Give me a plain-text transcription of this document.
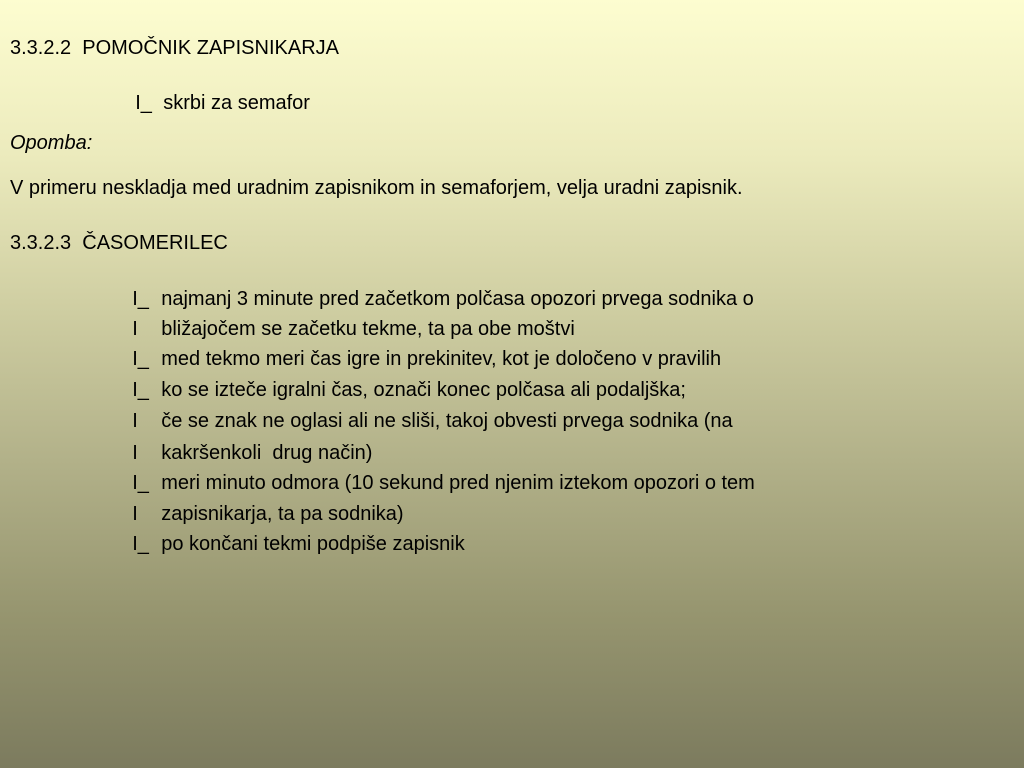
3.3.2.2  POMOČNIK ZAPISNIKARJA

I_ skrbi za semafor

Opomba:
V primeru neskladja med uradnim zapisnikom in semaforjem, velja uradni zapisnik.
3.3.2.3  ČASOMERILEC

I_ najmanj 3 minute pred začetkom polčasa opozori prvega sodnika o

I bližajočem se začetku tekme, ta pa obe moštvi

I_ med tekmo meri čas igre in prekinitev, kot je določeno v pravilih

I_ ko se izteče igralni čas, označi konec polčasa ali podaljška;

I če se znak ne oglasi ali ne sliši, takoj obvesti prvega sodnika (na

I kakršenkoli  drug način)

I_ meri minuto odmora (10 sekund pred njenim iztekom opozori o tem

I zapisnikarja, ta pa sodnika)

I_ po končani tekmi podpiše zapisnik
